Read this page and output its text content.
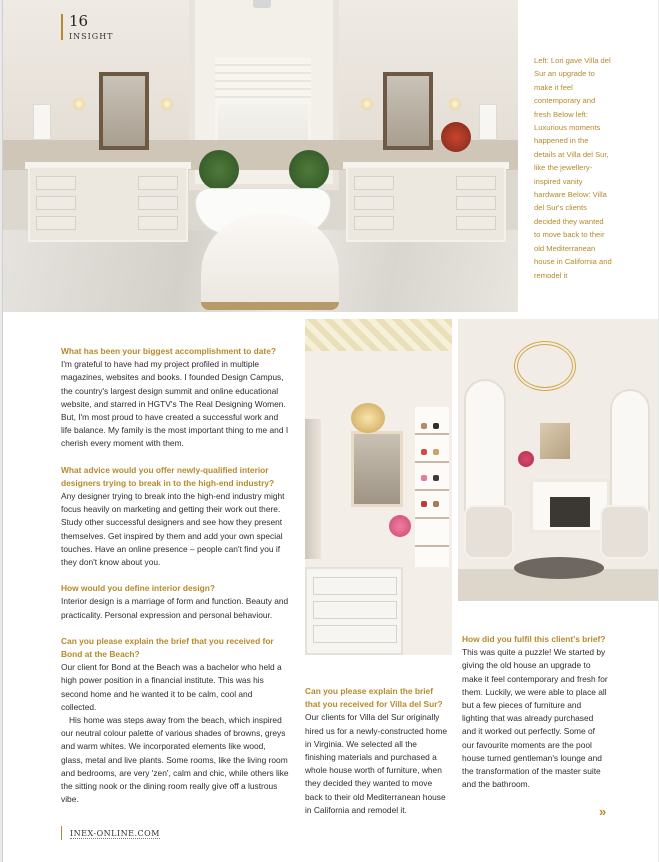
16
INSIGHT
Left: Lori gave Villa del Sur an upgrade to make it feel contemporary and fresh Below left: Luxurious moments happened in the details at Villa del Sur, like the jewellery-inspired vanity hardware Below: Villa del Sur's clients decided they wanted to move back to their old Mediterranean house in California and remodel it
What has been your biggest accomplishment to date?
I'm grateful to have had my project profiled in multiple magazines, websites and books. I founded Design Campus, the country's largest design summit and online educational website, and starred in HGTV's The Real Designing Women. But, I'm most proud to have created a successful work and life balance. My family is the most important thing to me and I cherish every moment with them.
What advice would you offer newly-qualified interior designers trying to break in to the high-end industry?
Any designer trying to break into the high-end industry might focus heavily on marketing and getting their work out there. Study other successful designers and see how they present themselves. Get inspired by them and add your own special touches. Have an online presence – people can't find you if they don't know about you.
How would you define interior design?
Interior design is a marriage of form and function. Beauty and practicality. Personal expression and personal behaviour.
Can you please explain the brief that you received for Bond at the Beach?
Our client for Bond at the Beach was a bachelor who held a high power position in a financial institute. This was his second home and he wanted it to be calm, cool and collected.
His home was steps away from the beach, which inspired our neutral colour palette of various shades of browns, greys and warm whites. We incorporated elements like wood, glass, metal and live plants. Some rooms, like the living room and bedrooms, are very 'zen', calm and chic, while others like the sitting nook or the dining room really give off a lustrous vibe.
Can you please explain the brief that you received for Villa del Sur?
Our clients for Villa del Sur originally hired us for a newly-constructed home in Virginia. We selected all the finishing materials and purchased a whole house worth of furniture, when they decided they wanted to move back to their old Mediterranean house in California and remodel it.
How did you fulfil this client's brief?
This was quite a puzzle! We started by giving the old house an upgrade to make it feel contemporary and fresh for them. Luckily, we were able to place all but a few pieces of furniture and lighting that was already purchased and it worked out perfectly. Some of our favourite moments are the pool house turned gentleman's lounge and the transformation of the master suite and the bathroom.
»
INEX-ONLINE.COM
